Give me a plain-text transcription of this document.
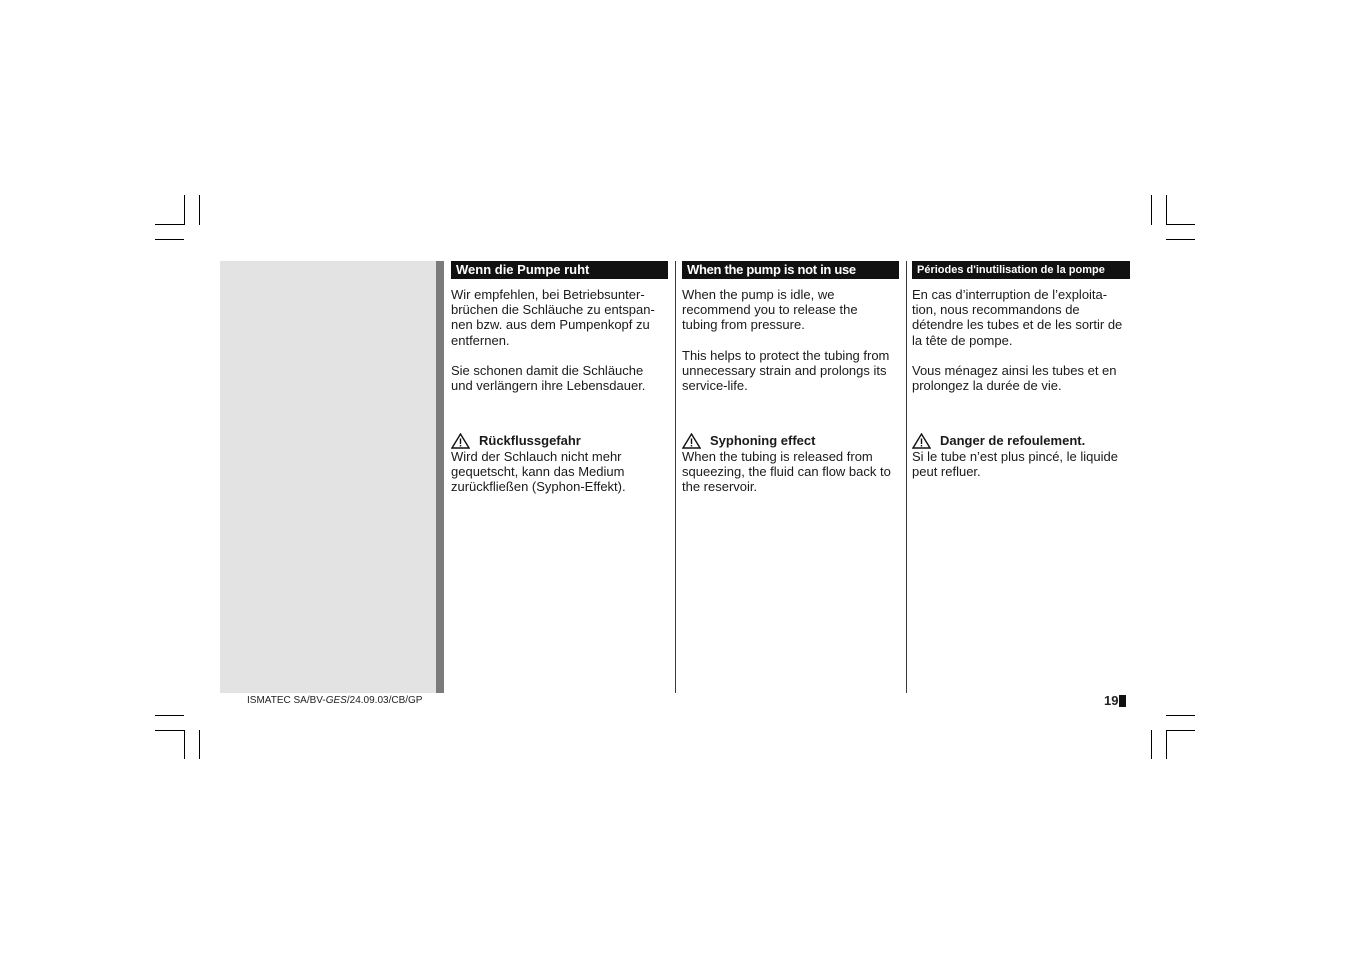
Wenn die Pumpe ruht

Wir empfehlen, bei Betriebsunter-
brüchen die Schläuche zu entspan-
nen bzw. aus dem Pumpenkopf zu
entfernen.

Sie schonen damit die Schläuche
und verlängern ihre Lebensdauer.

Rückflussgefahr
Wird der Schlauch nicht mehr
gequetscht, kann das Medium
zurückfließen (Syphon-Effekt).
When the pump is not in use

When the pump is idle, we
recommend you to release the
tubing from pressure.

This helps to protect the tubing from
unnecessary strain and prolongs its
service-life.

Syphoning effect
When the tubing is released from
squeezing, the fluid can flow back to
the reservoir.
Périodes d'inutilisation de la pompe

En cas d’interruption de l’exploita-
tion, nous recommandons de
détendre les tubes et de les sortir de
la tête de pompe.

Vous ménagez ainsi les tubes et en
prolongez la durée de vie.

Danger de refoulement.
Si le tube n’est plus pincé, le liquide
peut refluer.
ISMATEC SA/BV-GES/24.09.03/CB/GP	19
